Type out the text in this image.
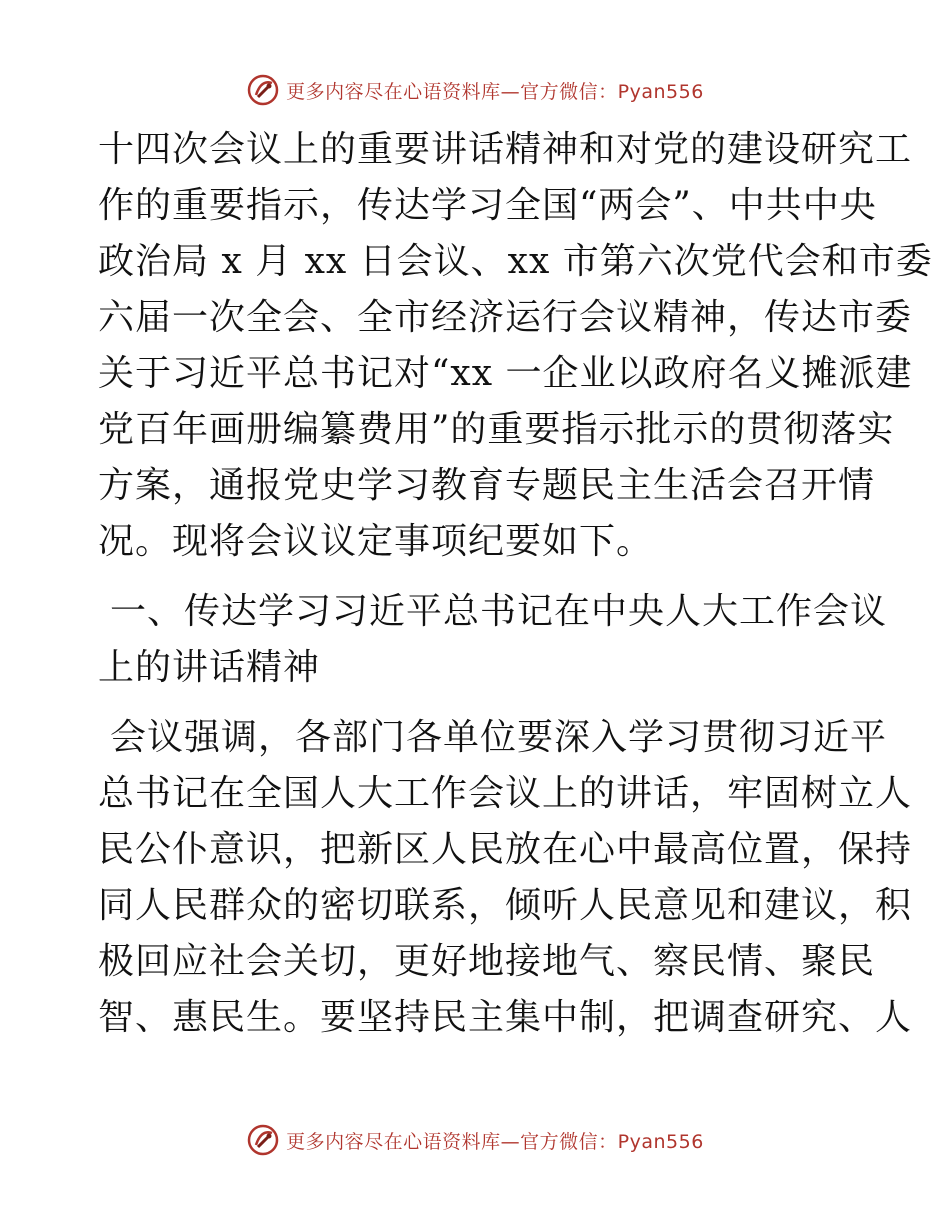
更多内容尽在心语资料库—官方微信：Pyan556
十四次会议上的重要讲话精神和对党的建设研究工
作的重要指示，传达学习全国“两会”、中共中央
政治局 x 月 xx 日会议、xx 市第六次党代会和市委
六届一次全会、全市经济运行会议精神，传达市委
关于习近平总书记对“xx 一企业以政府名义摊派建
党百年画册编纂费用”的重要指示批示的贯彻落实
方案，通报党史学习教育专题民主生活会召开情
况。现将会议议定事项纪要如下。
一、传达学习习近平总书记在中央人大工作会议
上的讲话精神
会议强调，各部门各单位要深入学习贯彻习近平
总书记在全国人大工作会议上的讲话，牢固树立人
民公仆意识，把新区人民放在心中最高位置，保持
同人民群众的密切联系，倾听人民意见和建议，积
极回应社会关切，更好地接地气、察民情、聚民
智、惠民生。要坚持民主集中制，把调查研究、人
更多内容尽在心语资料库—官方微信：Pyan556
